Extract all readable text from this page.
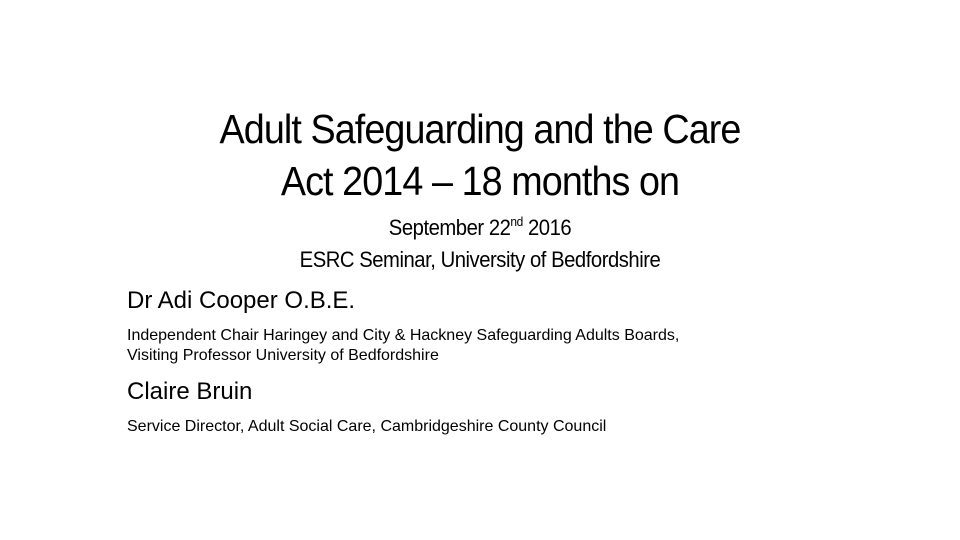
Adult Safeguarding and the Care
Act 2014 – 18 months on
September 22nd 2016
ESRC Seminar, University of Bedfordshire
Dr Adi Cooper O.B.E.
Independent Chair Haringey and City & Hackney Safeguarding Adults Boards,
Visiting Professor University of Bedfordshire
Claire Bruin
Service Director, Adult Social Care, Cambridgeshire County Council
